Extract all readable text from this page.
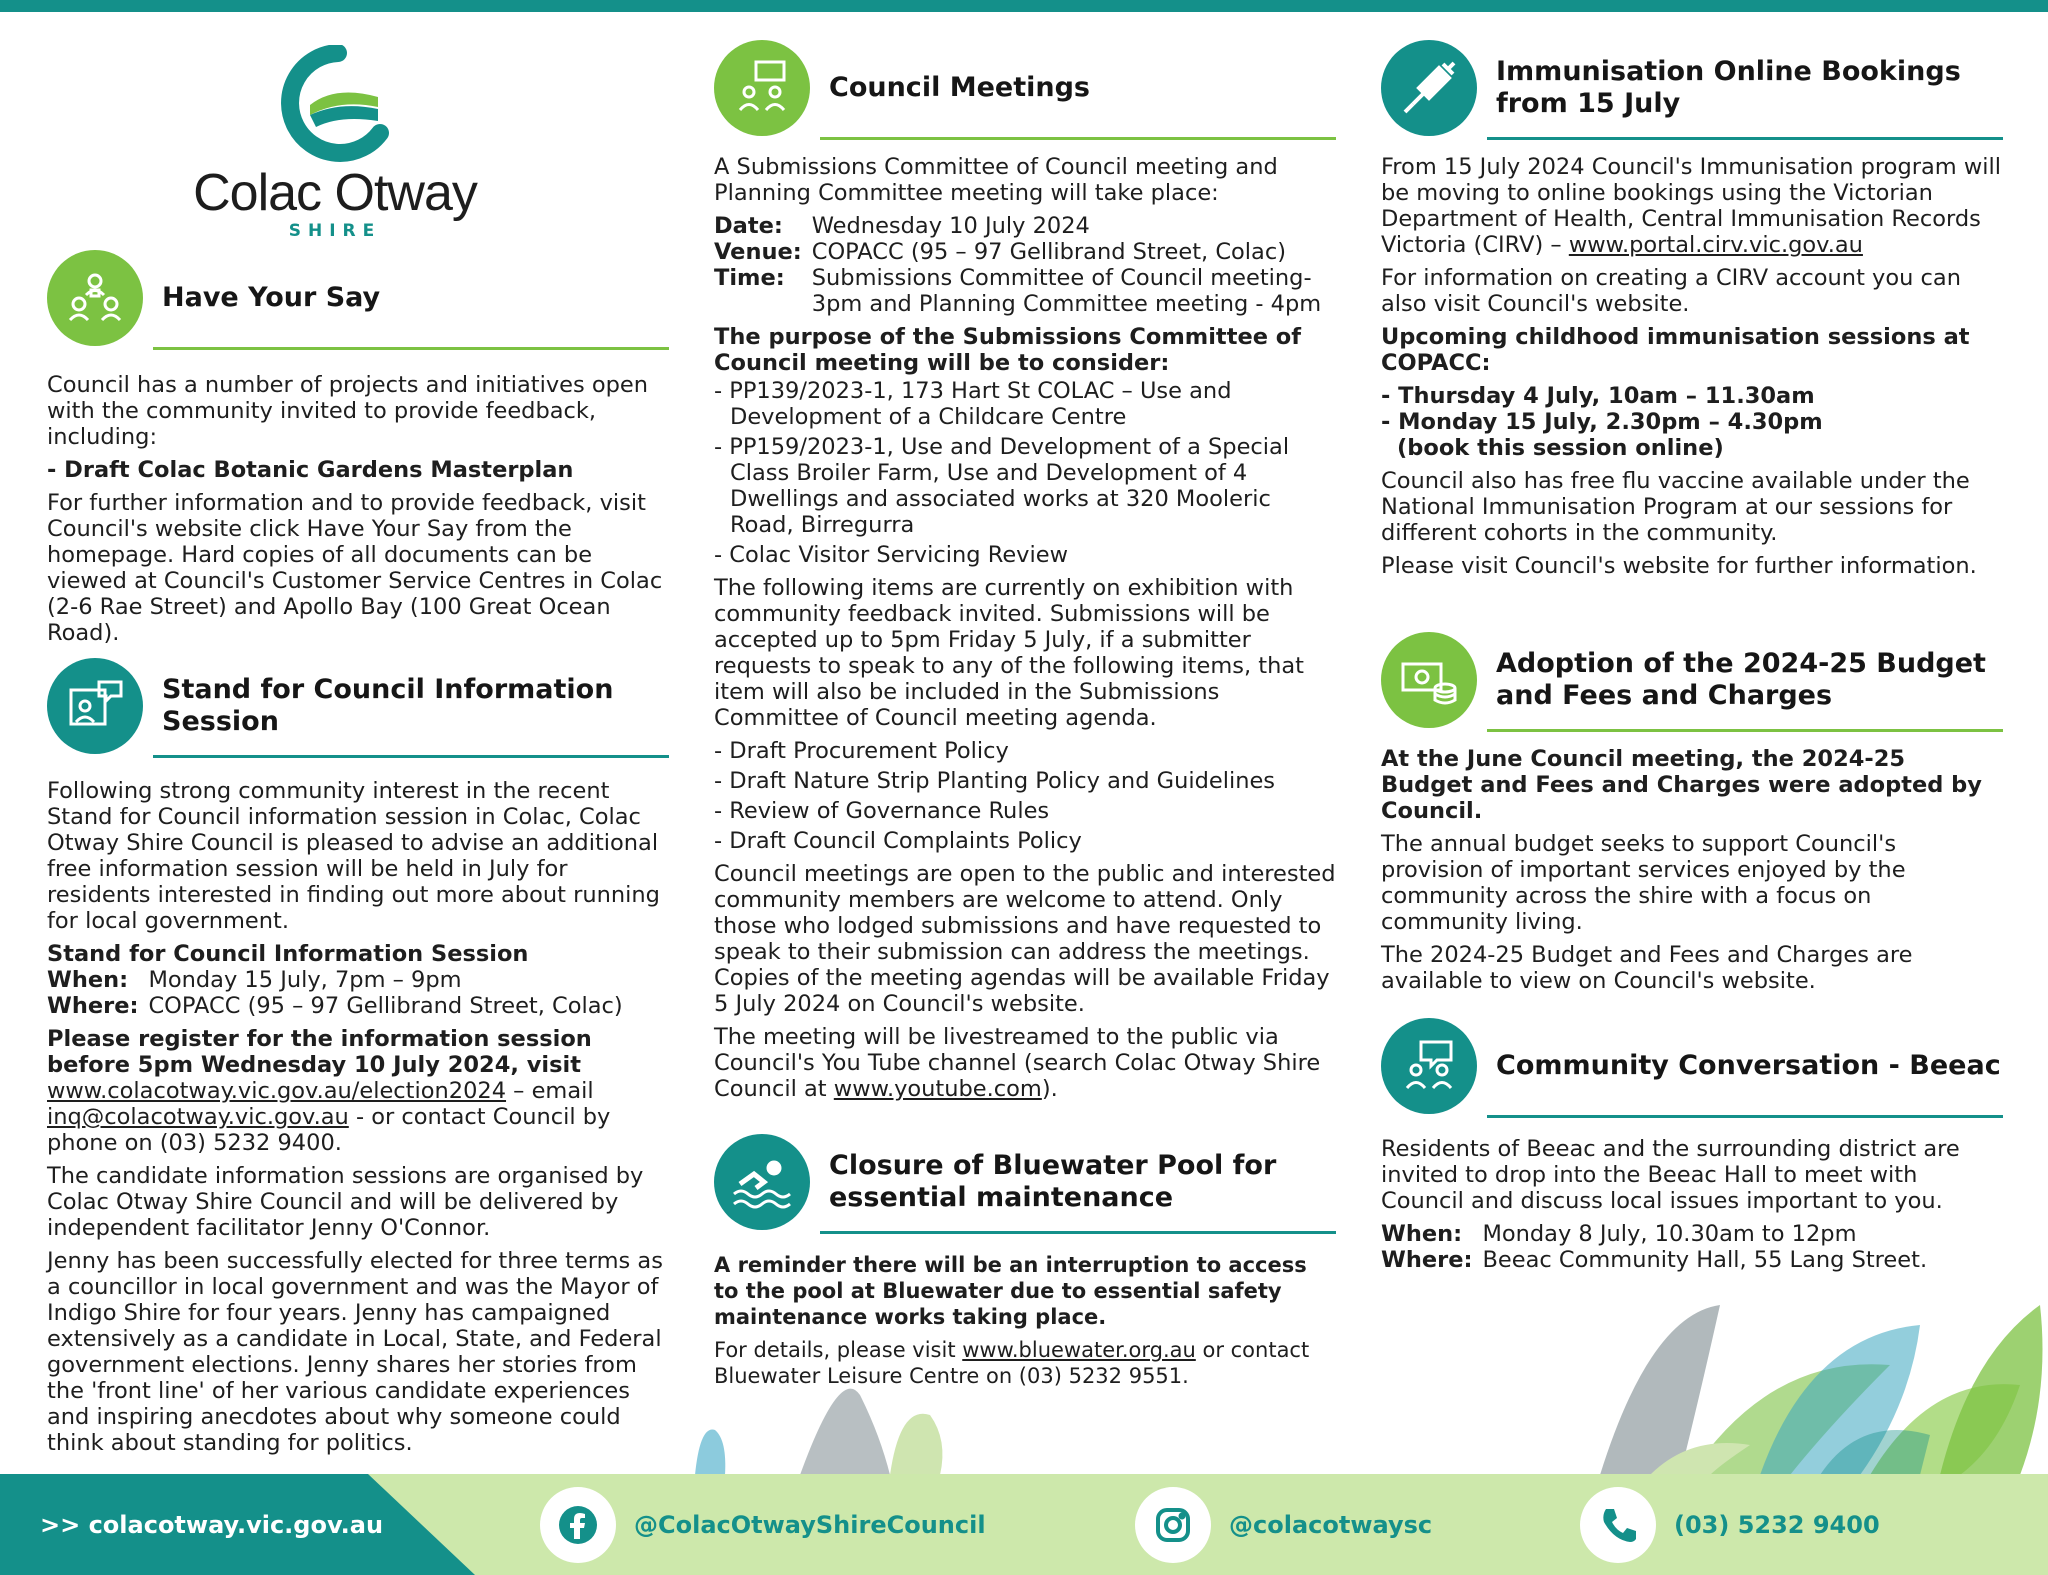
Colac Otway
SHIRE
Have Your Say

Council has a number of projects and initiatives open with the community invited to provide feedback, including:

- Draft Colac Botanic Gardens Masterplan

For further information and to provide feedback, visit Council's website click Have Your Say from the homepage. Hard copies of all documents can be viewed at Council's Customer Service Centres in Colac (2-6 Rae Street) and Apollo Bay (100 Great Ocean Road).

Stand for Council Information Session

Following strong community interest in the recent Stand for Council information session in Colac, Colac Otway Shire Council is pleased to advise an additional free information session will be held in July for residents interested in finding out more about running for local government.

Stand for Council Information Session

When:	Monday 15 July, 7pm – 9pm
Where:	COPACC (95 – 97 Gellibrand Street, Colac)

Please register for the information session before 5pm Wednesday 10 July 2024, visit
www.colacotway.vic.gov.au/election2024 – email inq@colacotway.vic.gov.au - or contact Council by phone on (03) 5232 9400.

The candidate information sessions are organised by Colac Otway Shire Council and will be delivered by independent facilitator Jenny O'Connor.

Jenny has been successfully elected for three terms as a councillor in local government and was the Mayor of Indigo Shire for four years. Jenny has campaigned extensively as a candidate in Local, State, and Federal government elections. Jenny shares her stories from the 'front line' of her various candidate experiences and inspiring anecdotes about why someone could think about standing for politics.

Council Meetings

A Submissions Committee of Council meeting and Planning Committee meeting will take place:

Date:	Wednesday 10 July 2024
Venue:	COPACC (95 – 97 Gellibrand Street, Colac)
Time:	Submissions Committee of Council meeting- 3pm and Planning Committee meeting - 4pm

The purpose of the Submissions Committee of Council meeting will be to consider:

- PP139/2023-1, 173 Hart St COLAC – Use and Development of a Childcare Centre
- PP159/2023-1, Use and Development of a Special Class Broiler Farm, Use and Development of 4 Dwellings and associated works at 320 Mooleric Road, Birregurra
- Colac Visitor Servicing Review

The following items are currently on exhibition with community feedback invited. Submissions will be accepted up to 5pm Friday 5 July, if a submitter requests to speak to any of the following items, that item will also be included in the Submissions Committee of Council meeting agenda.

- Draft Procurement Policy
- Draft Nature Strip Planting Policy and Guidelines
- Review of Governance Rules
- Draft Council Complaints Policy

Council meetings are open to the public and interested community members are welcome to attend. Only those who lodged submissions and have requested to speak to their submission can address the meetings. Copies of the meeting agendas will be available Friday 5 July 2024 on Council's website.

The meeting will be livestreamed to the public via Council's You Tube channel (search Colac Otway Shire Council at www.youtube.com).

Closure of Bluewater Pool for essential maintenance

A reminder there will be an interruption to access to the pool at Bluewater due to essential safety maintenance works taking place.

For details, please visit www.bluewater.org.au or contact Bluewater Leisure Centre on (03) 5232 9551.

Immunisation Online Bookings from 15 July

From 15 July 2024 Council's Immunisation program will be moving to online bookings using the Victorian Department of Health, Central Immunisation Records Victoria (CIRV) – www.portal.cirv.vic.gov.au

For information on creating a CIRV account you can also visit Council's website.

Upcoming childhood immunisation sessions at COPACC:

- Thursday 4 July, 10am – 11.30am

- Monday 15 July, 2.30pm – 4.30pm

(book this session online)

Council also has free flu vaccine available under the National Immunisation Program at our sessions for different cohorts in the community.

Please visit Council's website for further information.

Adoption of the 2024-25 Budget and Fees and Charges

At the June Council meeting, the 2024-25 Budget and Fees and Charges were adopted by Council.

The annual budget seeks to support Council's provision of important services enjoyed by the community across the shire with a focus on community living.

The 2024-25 Budget and Fees and Charges are available to view on Council's website.

Community Conversation - Beeac

Residents of Beeac and the surrounding district are invited to drop into the Beeac Hall to meet with Council and discuss local issues important to you.

When:	Monday 8 July, 10.30am to 12pm
Where:	Beeac Community Hall, 55 Lang Street.
>> colacotway.vic.gov.au	@ColacOtwayShireCouncil	@colacotwaysc	(03) 5232 9400
